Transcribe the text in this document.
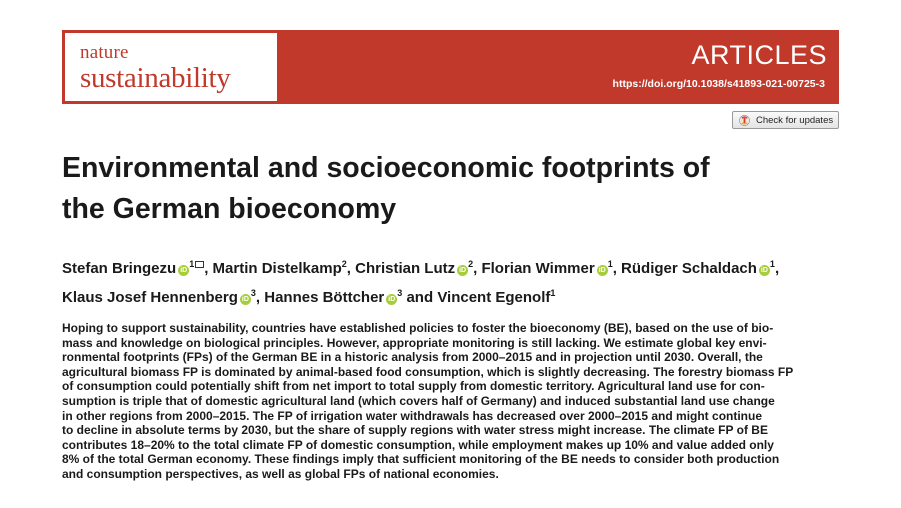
nature
sustainability
ARTICLES
https://doi.org/10.1038/s41893-021-00725-3
Check for updates
Environmental and socioeconomic footprints of
the German bioeconomy
Stefan Bringezu $iD^1$ , Martin Distelkamp$^2$, Christian Lutz $iD^2$, Florian Wimmer $iD^1$, Rüdiger Schaldach $iD^1$,
Klaus Josef Hennenberg $iD^3$, Hannes Böttcher $iD^3$ and Vincent Egenolf$^1$
Hoping to support sustainability, countries have established policies to foster the bioeconomy (BE), based on the use of bio-
mass and knowledge on biological principles. However, appropriate monitoring is still lacking. We estimate global key envi-
ronmental footprints (FPs) of the German BE in a historic analysis from 2000–2015 and in projection until 2030. Overall, the
agricultural biomass FP is dominated by animal-based food consumption, which is slightly decreasing. The forestry biomass FP
of consumption could potentially shift from net import to total supply from domestic territory. Agricultural land use for con-
sumption is triple that of domestic agricultural land (which covers half of Germany) and induced substantial land use change
in other regions from 2000–2015. The FP of irrigation water withdrawals has decreased over 2000–2015 and might continue
to decline in absolute terms by 2030, but the share of supply regions with water stress might increase. The climate FP of BE
contributes 18–20% to the total climate FP of domestic consumption, while employment makes up 10% and value added only
8% of the total German economy. These findings imply that sufficient monitoring of the BE needs to consider both production
and consumption perspectives, as well as global FPs of national economies.
